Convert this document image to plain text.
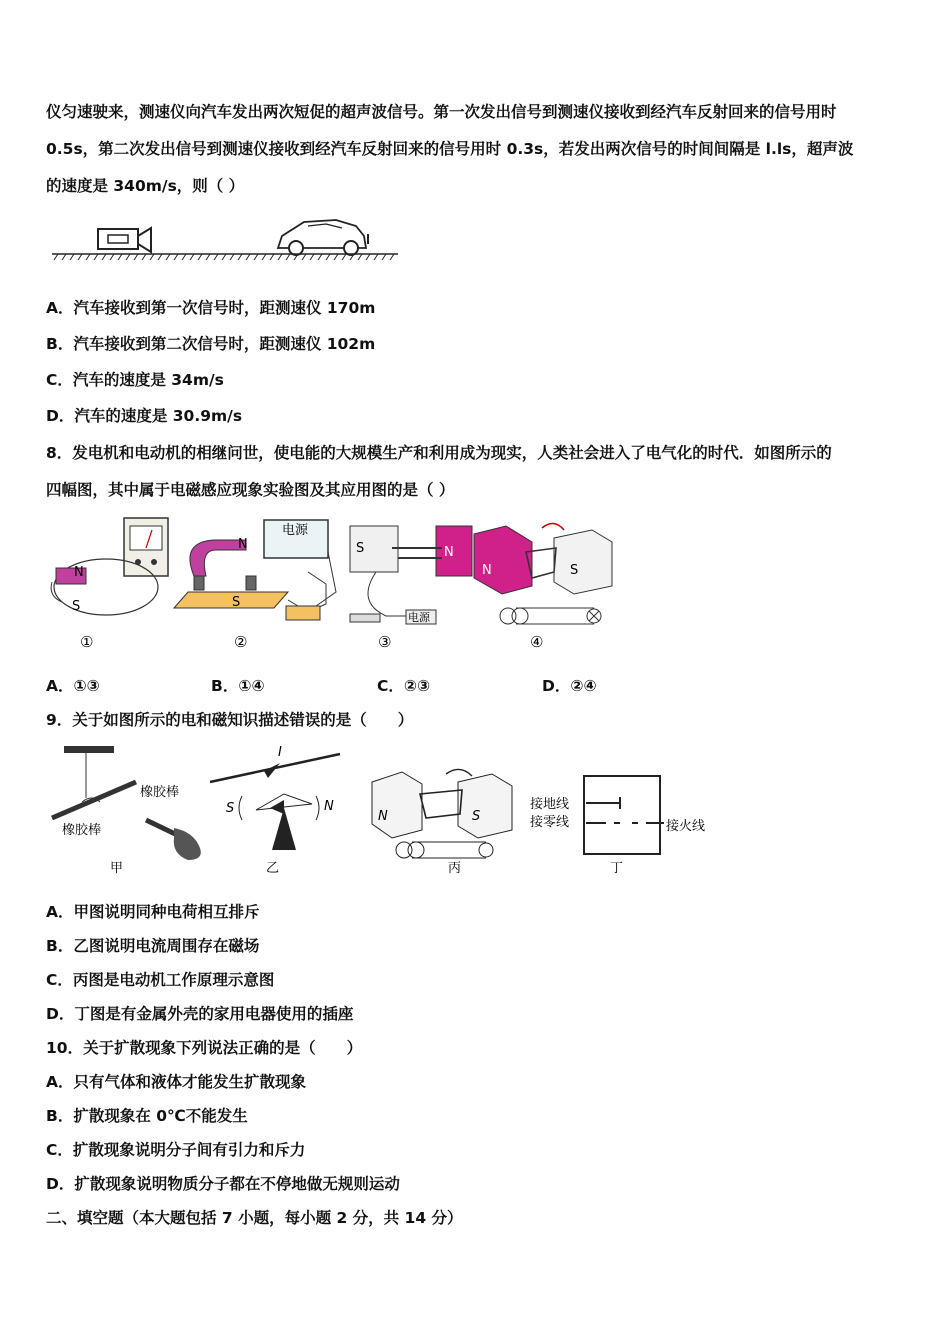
仪匀速驶来，测速仪向汽车发出两次短促的超声波信号。第一次发出信号到测速仪接收到经汽车反射回来的信号用时
0.5s，第二次发出信号到测速仪接收到经汽车反射回来的信号用时 0.3s，若发出两次信号的时间间隔是 l.ls，超声波
的速度是 340m/s，则（ ）
A．汽车接收到第一次信号时，距测速仪 170m
B．汽车接收到第二次信号时，距测速仪 102m
C．汽车的速度是 34m/s
D．汽车的速度是 30.9m/s
8．发电机和电动机的相继问世，使电能的大规模生产和利用成为现实，人类社会进入了电气化的时代．如图所示的
四幅图，其中属于电磁感应现象实验图及其应用图的是（ ）
N
S
电源
N
S
S	N
电源
N	S
①	②	③	④
A．①③	B．①④	C．②③	D．②④
9．关于如图所示的电和磁知识描述错误的是（　　）
橡胶棒
橡胶棒
I
S	N
N	S
接地线
接零线	接火线
甲	乙	丙	丁
A．甲图说明同种电荷相互排斥
B．乙图说明电流周围存在磁场
C．丙图是电动机工作原理示意图
D．丁图是有金属外壳的家用电器使用的插座
10．关于扩散现象下列说法正确的是（　　）
A．只有气体和液体才能发生扩散现象
B．扩散现象在 0℃不能发生
C．扩散现象说明分子间有引力和斥力
D．扩散现象说明物质分子都在不停地做无规则运动
二、填空题（本大题包括 7 小题，每小题 2 分，共 14 分）
